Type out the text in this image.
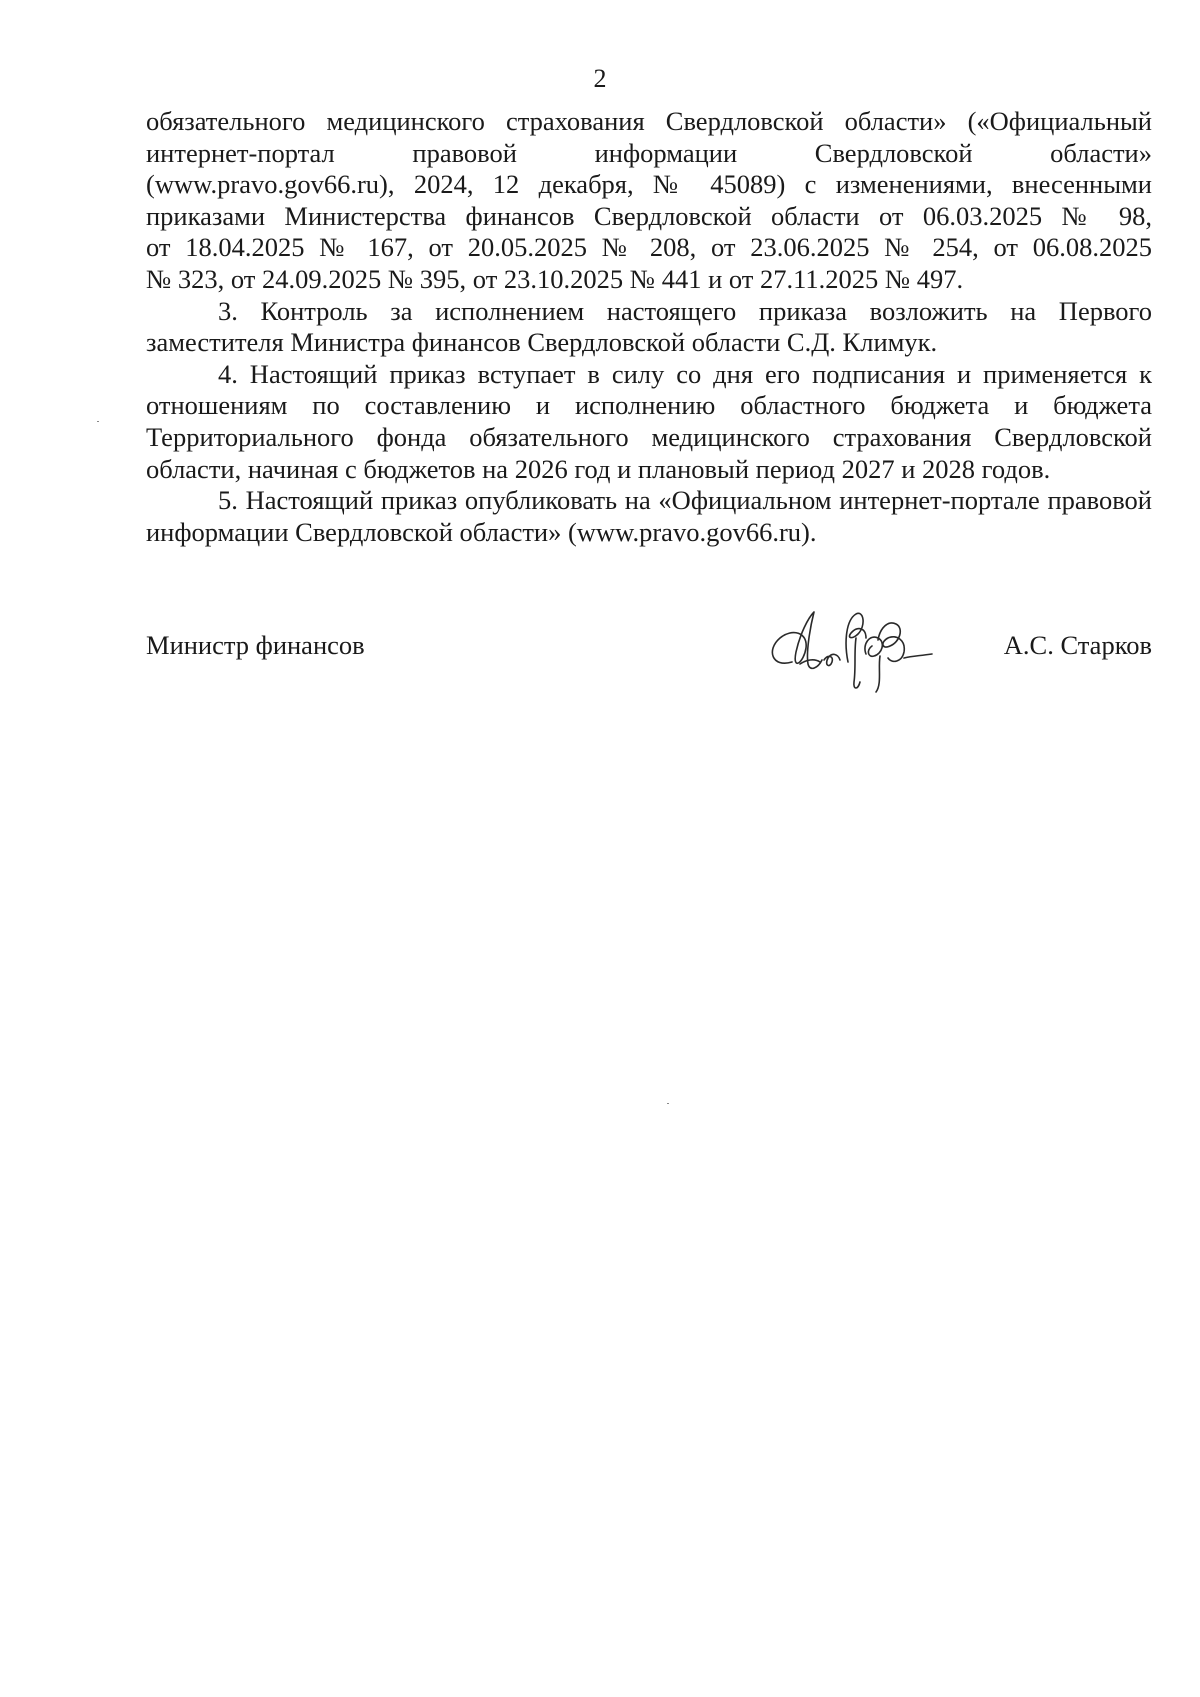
2

обязательного медицинского страхования Свердловской области» («Официальный
интернет-портал правовой информации Свердловской области»
(www.pravo.gov66.ru), 2024, 12 декабря, № 45089) с изменениями, внесенными
приказами Министерства финансов Свердловской области от 06.03.2025 № 98,
от 18.04.2025 № 167, от 20.05.2025 № 208, от 23.06.2025 № 254, от 06.08.2025
№ 323, от 24.09.2025 № 395, от 23.10.2025 № 441 и от 27.11.2025 № 497.

3. Контроль за исполнением настоящего приказа возложить на Первого заместителя Министра финансов Свердловской области С.Д. Климук.

4. Настоящий приказ вступает в силу со дня его подписания и применяется к отношениям по составлению и исполнению областного бюджета и бюджета Территориального фонда обязательного медицинского страхования Свердловской области, начиная с бюджетов на 2026 год и плановый период 2027 и 2028 годов.

5. Настоящий приказ опубликовать на «Официальном интернет-портале правовой информации Свердловской области» (www.pravo.gov66.ru).

Министр финансов	А.С. Старков
